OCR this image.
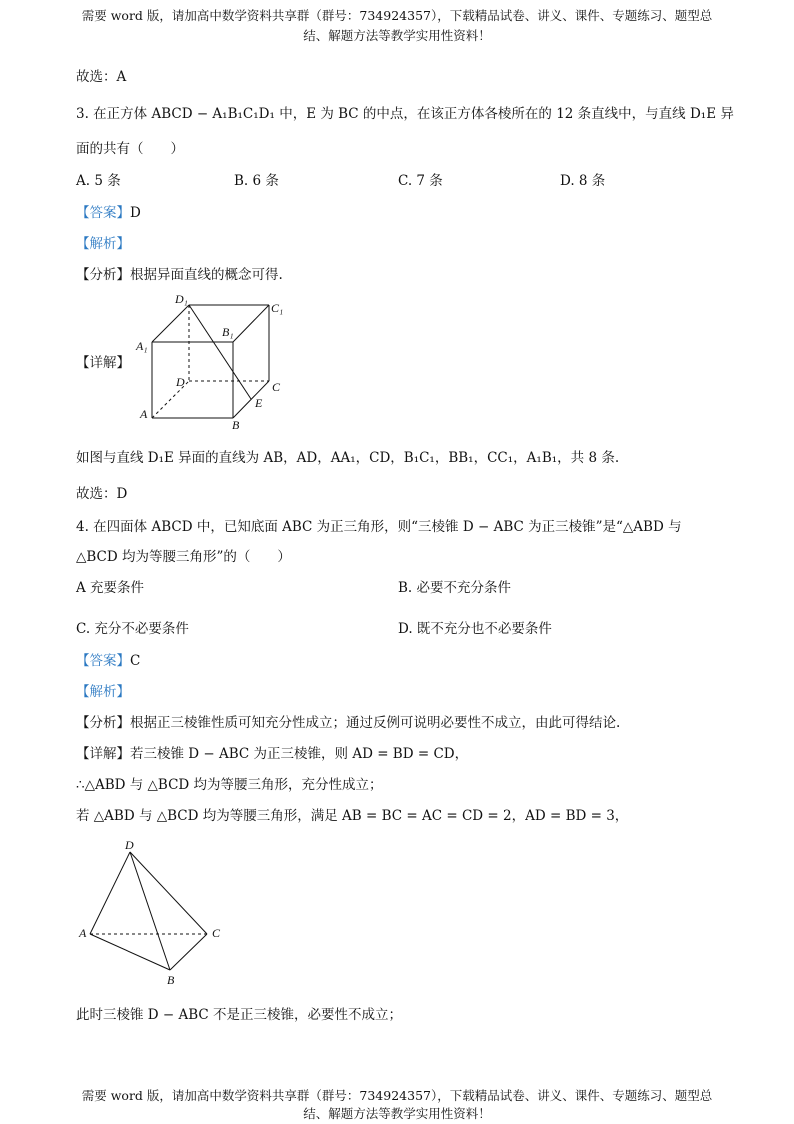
需要 word 版，请加高中数学资料共享群（群号：734924357），下载精品试卷、讲义、课件、专题练习、题型总
结、解题方法等教学实用性资料！
故选：A
3. 在正方体 ABCD − A₁B₁C₁D₁ 中，E 为 BC 的中点，在该正方体各棱所在的 12 条直线中，与直线 D₁E 异
面的共有（　　）
A. 5 条	B. 6 条	C. 7 条	D. 8 条
【答案】D
【解析】
【分析】根据异面直线的概念可得.
【详解】
D₁
C₁
B₁
A₁
D	C
E
A
B
如图与直线 D₁E 异面的直线为 AB，AD，AA₁，CD，B₁C₁，BB₁，CC₁，A₁B₁，共 8 条.
故选：D
4. 在四面体 ABCD 中，已知底面 ABC 为正三角形，则“三棱锥 D − ABC 为正三棱锥”是“△ABD 与
△BCD 均为等腰三角形”的（　　）
A 充要条件	B. 必要不充分条件
C. 充分不必要条件	D. 既不充分也不必要条件
【答案】C
【解析】
【分析】根据正三棱锥性质可知充分性成立；通过反例可说明必要性不成立，由此可得结论.
【详解】若三棱锥 D − ABC 为正三棱锥，则 AD = BD = CD，
∴△ABD 与 △BCD 均为等腰三角形，充分性成立；
若 △ABD 与 △BCD 均为等腰三角形，满足 AB = BC = AC = CD = 2，AD = BD = 3，
D
A	C
B
此时三棱锥 D − ABC 不是正三棱锥，必要性不成立；
需要 word 版，请加高中数学资料共享群（群号：734924357），下载精品试卷、讲义、课件、专题练习、题型总
结、解题方法等教学实用性资料！
